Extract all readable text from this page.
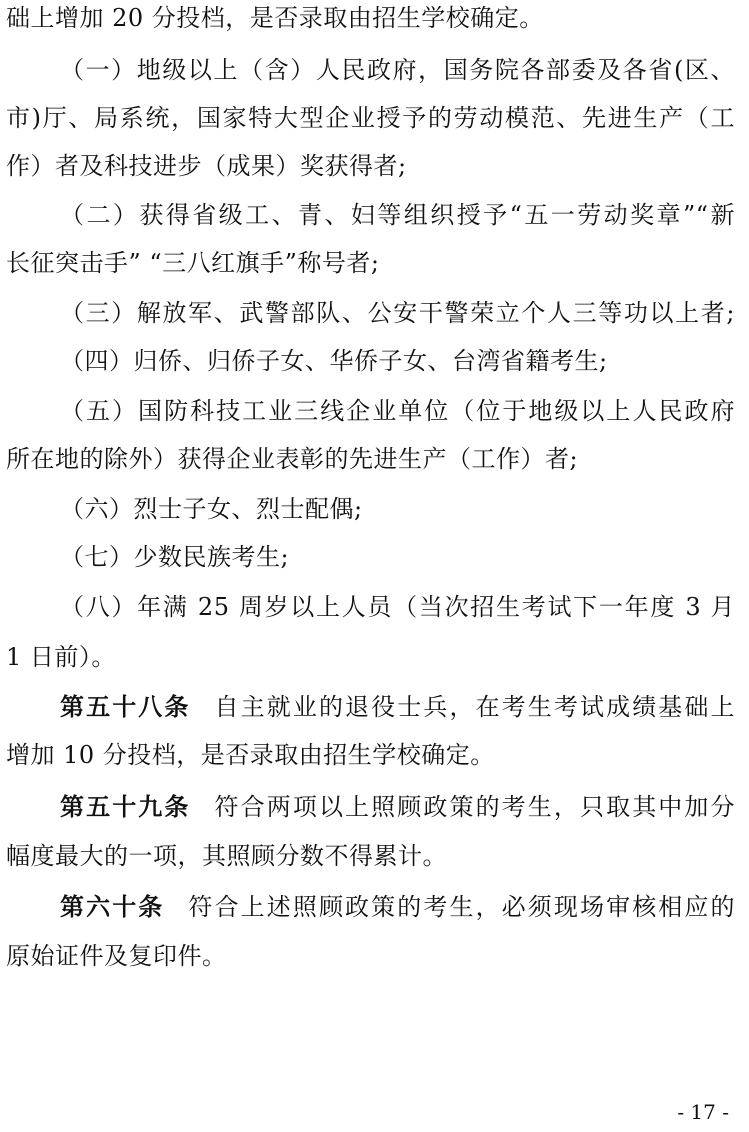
础上增加 20 分投档，是否录取由招生学校确定。
（一）地级以上（含）人民政府，国务院各部委及各省(区、
市)厅、局系统，国家特大型企业授予的劳动模范、先进生产（工
作）者及科技进步（成果）奖获得者;
（二）获得省级工、青、妇等组织授予“五一劳动奖章”“新
长征突击手” “三八红旗手”称号者;
（三）解放军、武警部队、公安干警荣立个人三等功以上者;
（四）归侨、归侨子女、华侨子女、台湾省籍考生;
（五）国防科技工业三线企业单位（位于地级以上人民政府
所在地的除外）获得企业表彰的先进生产（工作）者;
（六）烈士子女、烈士配偶;
（七）少数民族考生;
（八）年满 25 周岁以上人员（当次招生考试下一年度 3 月
1 日前）。
第五十八条 自主就业的退役士兵，在考生考试成绩基础上
增加 10 分投档，是否录取由招生学校确定。
第五十九条 符合两项以上照顾政策的考生，只取其中加分
幅度最大的一项，其照顾分数不得累计。
第六十条 符合上述照顾政策的考生，必须现场审核相应的
原始证件及复印件。
- 17 -
